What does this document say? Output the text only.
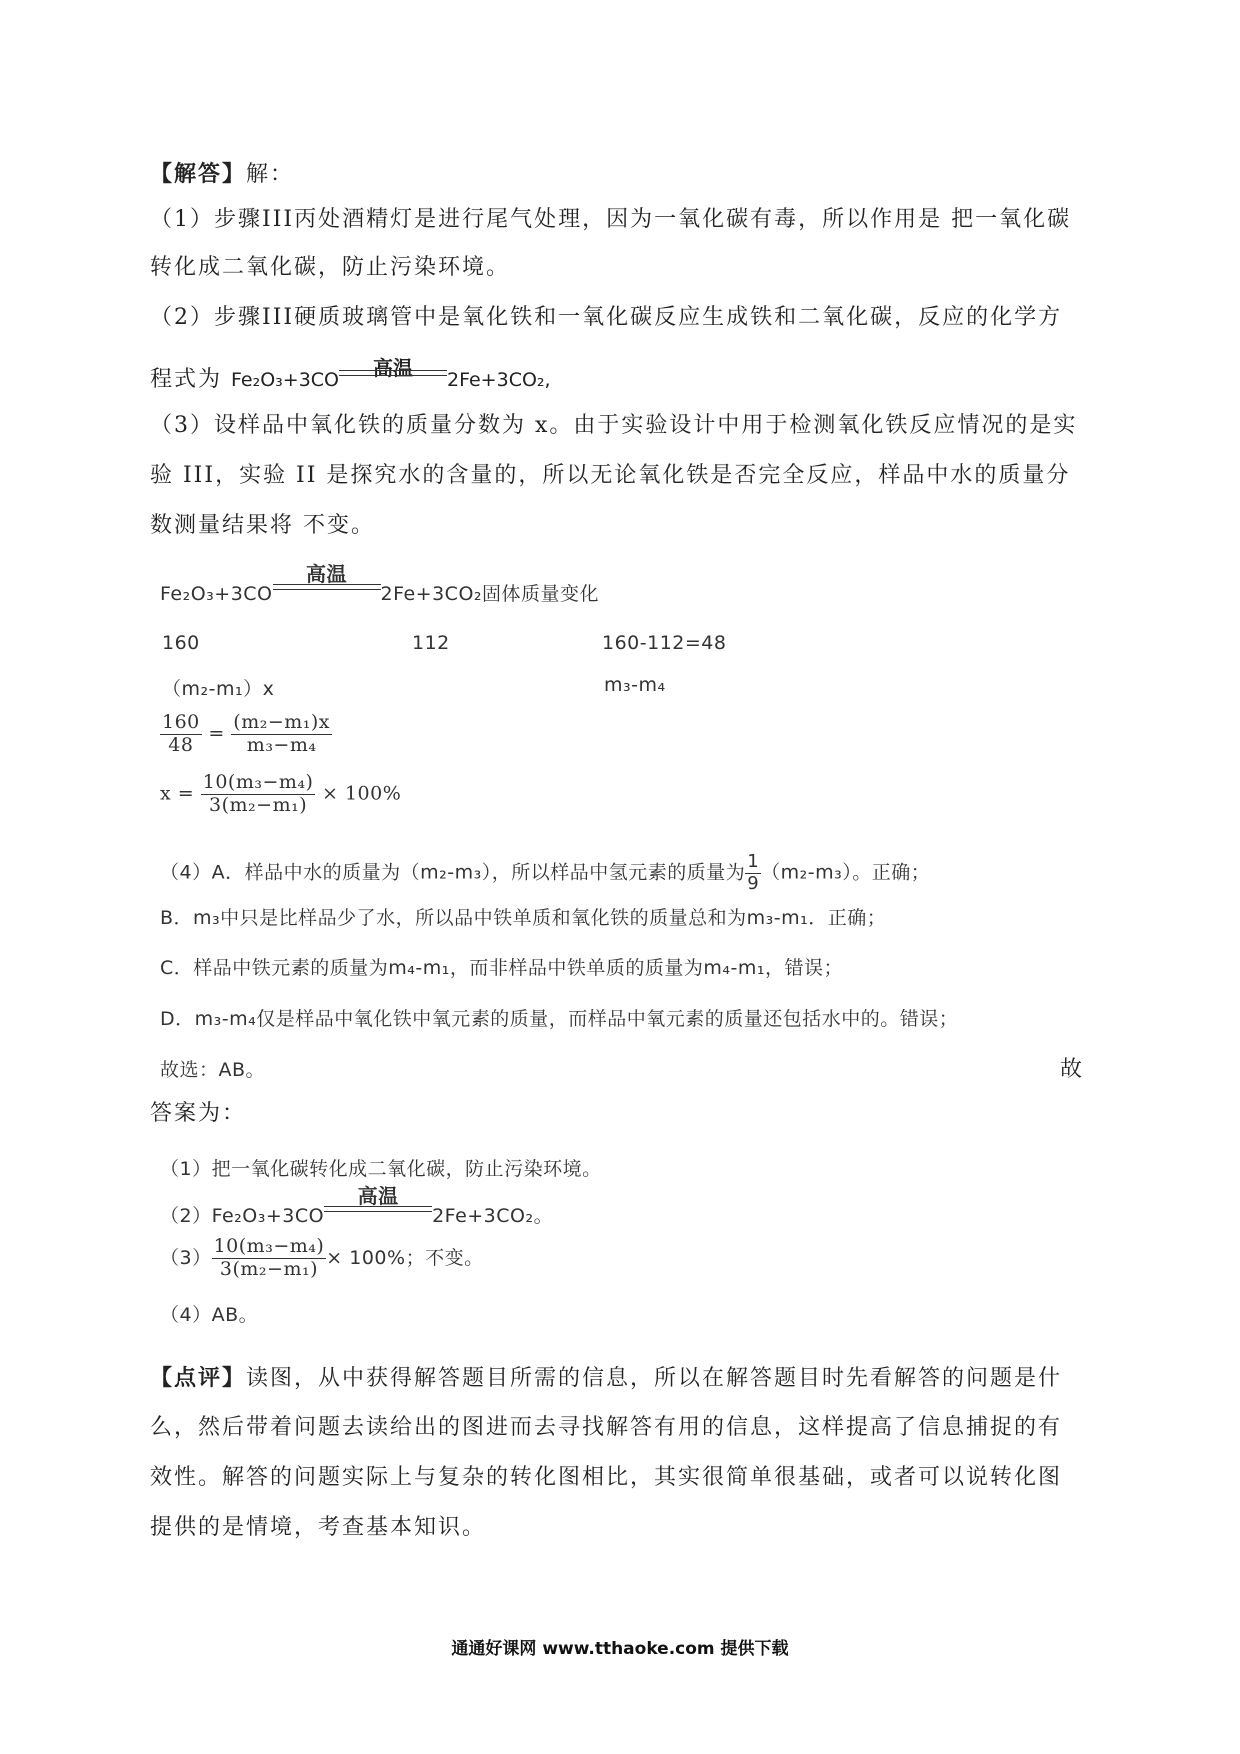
【解答】解：
（1）步骤III丙处酒精灯是进行尾气处理，因为一氧化碳有毒，所以作用是 把一氧化碳
转化成二氧化碳，防止污染环境。
（2）步骤III硬质玻璃管中是氧化铁和一氧化碳反应生成铁和二氧化碳，反应的化学方
程式为 Fe₂O₃+3CO	高温	2Fe+3CO₂,
（3）设样品中氧化铁的质量分数为 x。由于实验设计中用于检测氧化铁反应情况的是实
验 III，实验 II 是探究水的含量的，所以无论氧化铁是否完全反应，样品中水的质量分
数测量结果将 不变。
Fe₂O₃+3CO
高温
2Fe+3CO₂固体质量变化
160	112	160-112=48
（m₂-m₁）x	m₃-m₄
$\frac{160}{48} = \frac{\text{(m₂−m₁)x}}{\text{m₃−m₄}}$
$x = \frac{\text{10(m₃−m₄)}}{\text{3(m₂−m₁)}} \times 100\%$
（4）A．样品中水的质量为（m₂-m₃），所以样品中氢元素的质量为 $\frac{1}{9} (m_2-m_3)$。正确；
B．m₃中只是比样品少了水，所以品中铁单质和氧化铁的质量总和为m₃-m₁．正确；
C．样品中铁元素的质量为m₄-m₁，而非样品中铁单质的质量为m₄-m₁，错误；
D．m₃-m₄仅是样品中氧化铁中氧元素的质量，而样品中氧元素的质量还包括水中的。错误；
故选：AB。	故
答案为：
（1）把一氧化碳转化成二氧化碳，防止污染环境。
（2）Fe₂O₃+3CO
高温
2Fe+3CO₂。
$(3) \frac{\text{10(m₃−m₄)}}{\text{3(m₂−m₁)}} \times 100\%$；不变。
（4）AB。
【点评】读图，从中获得解答题目所需的信息，所以在解答题目时先看解答的问题是什
么，然后带着问题去读给出的图进而去寻找解答有用的信息，这样提高了信息捕捉的有
效性。解答的问题实际上与复杂的转化图相比，其实很简单很基础，或者可以说转化图
提供的是情境，考查基本知识。
通通好课网 www.tthaoke.com 提供下载
